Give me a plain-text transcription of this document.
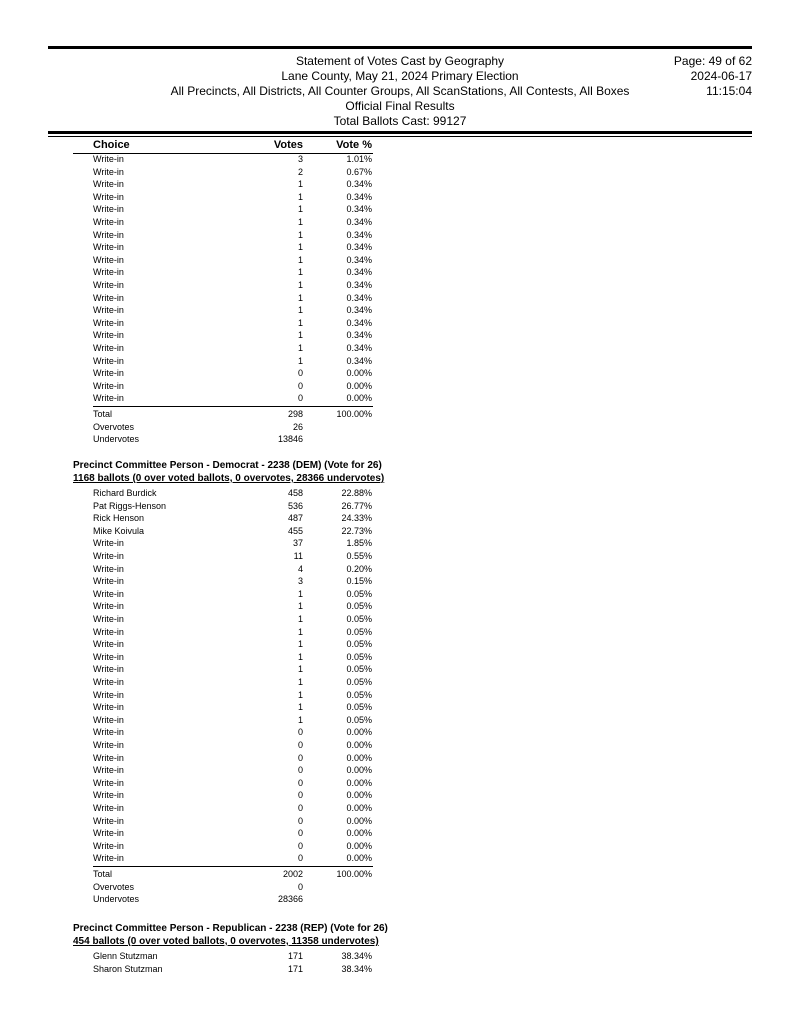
Statement of Votes Cast by Geography
Lane County, May 21, 2024 Primary Election
All Precincts, All Districts, All Counter Groups, All ScanStations, All Contests, All Boxes
Official Final Results
Total Ballots Cast: 99127
Page: 49 of 62
2024-06-17
11:15:04
Choice	Votes	Vote %
Write-in	3	1.01%
Write-in	2	0.67%
Write-in	1	0.34%
Write-in	1	0.34%
Write-in	1	0.34%
Write-in	1	0.34%
Write-in	1	0.34%
Write-in	1	0.34%
Write-in	1	0.34%
Write-in	1	0.34%
Write-in	1	0.34%
Write-in	1	0.34%
Write-in	1	0.34%
Write-in	1	0.34%
Write-in	1	0.34%
Write-in	1	0.34%
Write-in	1	0.34%
Write-in	0	0.00%
Write-in	0	0.00%
Write-in	0	0.00%
Total	298	100.00%
Overvotes	26
Undervotes	13846
Precinct Committee Person - Democrat - 2238 (DEM) (Vote for 26)
1168 ballots (0 over voted ballots, 0 overvotes, 28366 undervotes)
Richard Burdick	458	22.88%
Pat Riggs-Henson	536	26.77%
Rick Henson	487	24.33%
Mike Koivula	455	22.73%
Write-in	37	1.85%
Write-in	11	0.55%
Write-in	4	0.20%
Write-in	3	0.15%
Write-in	1	0.05%
Write-in	1	0.05%
Write-in	1	0.05%
Write-in	1	0.05%
Write-in	1	0.05%
Write-in	1	0.05%
Write-in	1	0.05%
Write-in	1	0.05%
Write-in	1	0.05%
Write-in	1	0.05%
Write-in	1	0.05%
Write-in	0	0.00%
Write-in	0	0.00%
Write-in	0	0.00%
Write-in	0	0.00%
Write-in	0	0.00%
Write-in	0	0.00%
Write-in	0	0.00%
Write-in	0	0.00%
Write-in	0	0.00%
Write-in	0	0.00%
Write-in	0	0.00%
Total	2002	100.00%
Overvotes	0
Undervotes	28366
Precinct Committee Person - Republican - 2238 (REP) (Vote for 26)
454 ballots (0 over voted ballots, 0 overvotes, 11358 undervotes)
Glenn Stutzman	171	38.34%
Sharon Stutzman	171	38.34%
